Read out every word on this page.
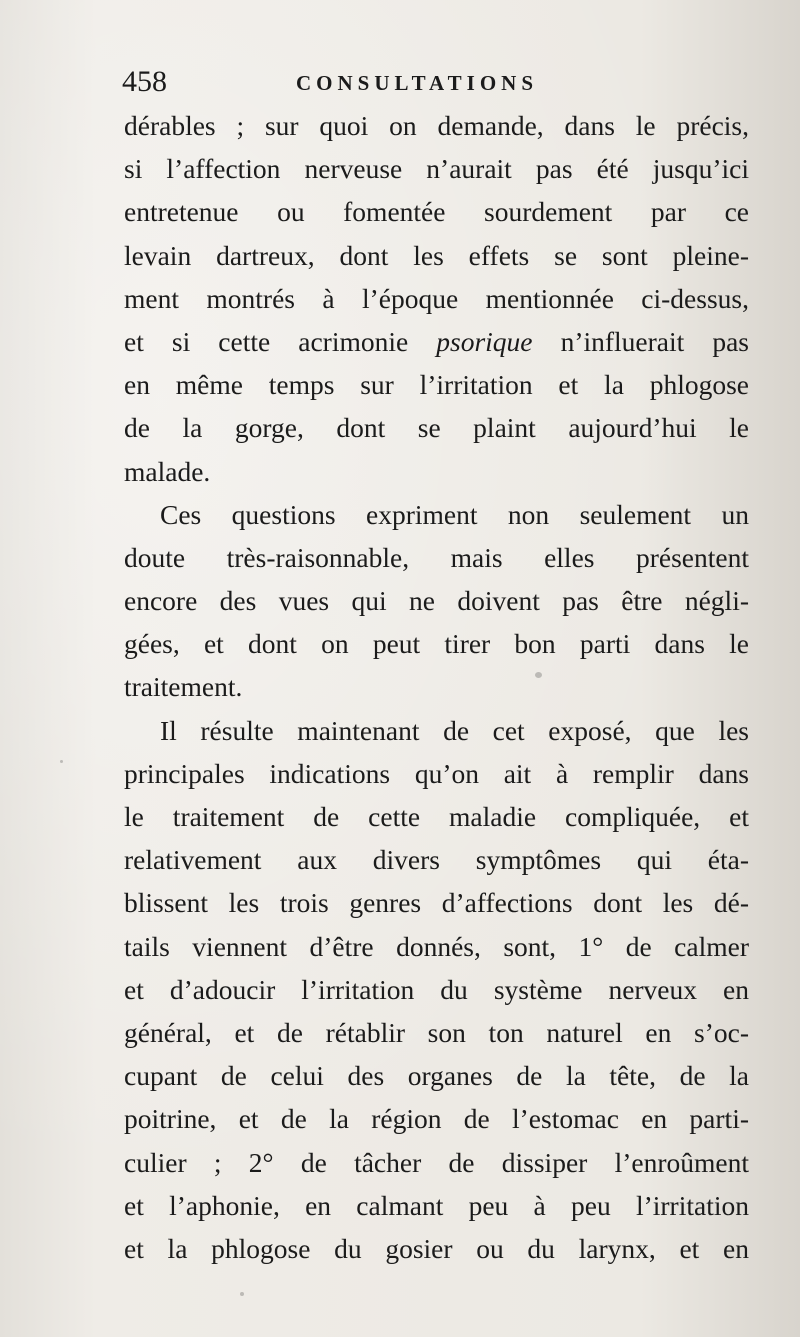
458	CONSULTATIONS
dérables ; sur quoi on demande, dans le précis,
si l’affection nerveuse n’aurait pas été jusqu’ici
entretenue ou fomentée sourdement par ce
levain dartreux, dont les effets se sont pleine-
ment montrés à l’époque mentionnée ci-dessus,
et si cette acrimonie psorique n’influerait pas
en même temps sur l’irritation et la phlogose
de la gorge, dont se plaint aujourd’hui le
malade.
Ces questions expriment non seulement un
doute très-raisonnable, mais elles présentent
encore des vues qui ne doivent pas être négli-
gées, et dont on peut tirer bon parti dans le
traitement.
Il résulte maintenant de cet exposé, que les
principales indications qu’on ait à remplir dans
le traitement de cette maladie compliquée, et
relativement aux divers symptômes qui éta-
blissent les trois genres d’affections dont les dé-
tails viennent d’être donnés, sont, 1° de calmer
et d’adoucir l’irritation du système nerveux en
général, et de rétablir son ton naturel en s’oc-
cupant de celui des organes de la tête, de la
poitrine, et de la région de l’estomac en parti-
culier ; 2° de tâcher de dissiper l’enroûment
et l’aphonie, en calmant peu à peu l’irritation
et la phlogose du gosier ou du larynx, et en
